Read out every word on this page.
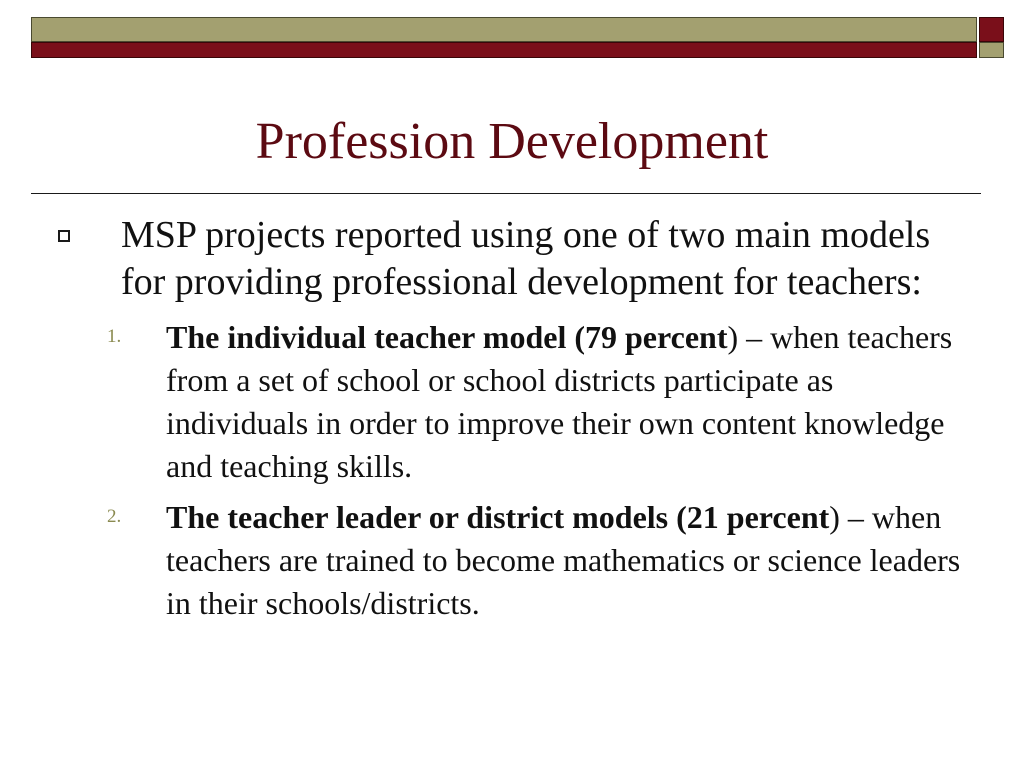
Profession Development
MSP projects reported using one of two main models for providing professional development for teachers:
1. The individual teacher model (79 percent) – when teachers from a set of school or school districts participate as individuals in order to improve their own content knowledge and teaching skills.
2. The teacher leader or district models (21 percent) – when teachers are trained to become mathematics or science leaders in their schools/districts.
